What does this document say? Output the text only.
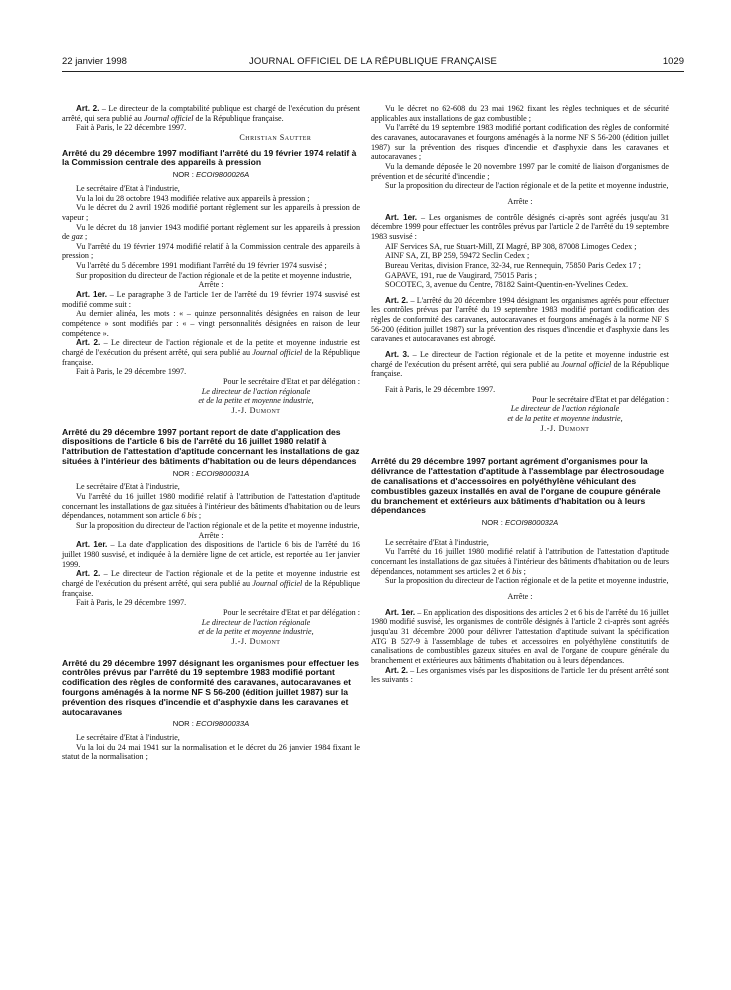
22 janvier 1998	JOURNAL OFFICIEL DE LA RÉPUBLIQUE FRANÇAISE	1029

Art. 2. – Le directeur de la comptabilité publique est chargé de l'exécution du présent arrêté, qui sera publié au Journal officiel de la République française.

Fait à Paris, le 22 décembre 1997.

Christian Sautter

Arrêté du 29 décembre 1997 modifiant l'arrêté du 19 février 1974 relatif à la Commission centrale des appareils à pression

NOR : ECOI9800026A

Le secrétaire d'Etat à l'industrie,

Vu la loi du 28 octobre 1943 modifiée relative aux appareils à pression ;

Vu le décret du 2 avril 1926 modifié portant règlement sur les appareils à pression de vapeur ;

Vu le décret du 18 janvier 1943 modifié portant règlement sur les appareils à pression de gaz ;

Vu l'arrêté du 19 février 1974 modifié relatif à la Commission centrale des appareils à pression ;

Vu l'arrêté du 5 décembre 1991 modifiant l'arrêté du 19 février 1974 susvisé ;

Sur proposition du directeur de l'action régionale et de la petite et moyenne industrie,

Arrête :

Art. 1er. – Le paragraphe 3 de l'article 1er de l'arrêté du 19 février 1974 susvisé est modifié comme suit :

Au dernier alinéa, les mots : « – quinze personnalités désignées en raison de leur compétence » sont modifiés par : « – vingt personnalités désignées en raison de leur compétence ».

Art. 2. – Le directeur de l'action régionale et de la petite et moyenne industrie est chargé de l'exécution du présent arrêté, qui sera publié au Journal officiel de la République française.

Fait à Paris, le 29 décembre 1997.

Pour le secrétaire d'Etat et par délégation :

Le directeur de l'action régionale

et de la petite et moyenne industrie,

J.-J. Dumont

Arrêté du 29 décembre 1997 portant report de date d'application des dispositions de l'article 6 bis de l'arrêté du 16 juillet 1980 relatif à l'attribution de l'attestation d'aptitude concernant les installations de gaz situées à l'intérieur des bâtiments d'habitation ou de leurs dépendances

NOR : ECOI9800031A

Le secrétaire d'Etat à l'industrie,

Vu l'arrêté du 16 juillet 1980 modifié relatif à l'attribution de l'attestation d'aptitude concernant les installations de gaz situées à l'intérieur des bâtiments d'habitation ou de leurs dépendances, notamment son article 6 bis ;

Sur la proposition du directeur de l'action régionale et de la petite et moyenne industrie,

Arrête :

Art. 1er. – La date d'application des dispositions de l'article 6 bis de l'arrêté du 16 juillet 1980 susvisé, et indiquée à la dernière ligne de cet article, est reportée au 1er janvier 1999.

Art. 2. – Le directeur de l'action régionale et de la petite et moyenne industrie est chargé de l'exécution du présent arrêté, qui sera publié au Journal officiel de la République française.

Fait à Paris, le 29 décembre 1997.

Pour le secrétaire d'Etat et par délégation :

Le directeur de l'action régionale

et de la petite et moyenne industrie,

J.-J. Dumont

Arrêté du 29 décembre 1997 désignant les organismes pour effectuer les contrôles prévus par l'arrêté du 19 septembre 1983 modifié portant codification des règles de conformité des caravanes, autocaravanes et fourgons aménagés à la norme NF S 56-200 (édition juillet 1987) sur la prévention des risques d'incendie et d'asphyxie dans les caravanes et autocaravanes

NOR : ECOI9800033A

Le secrétaire d'Etat à l'industrie,

Vu la loi du 24 mai 1941 sur la normalisation et le décret du 26 janvier 1984 fixant le statut de la normalisation ;

Vu le décret no 62-608 du 23 mai 1962 fixant les règles techniques et de sécurité applicables aux installations de gaz combustible ;

Vu l'arrêté du 19 septembre 1983 modifié portant codification des règles de conformité des caravanes, autocaravanes et fourgons aménagés à la norme NF S 56-200 (édition juillet 1987) sur la prévention des risques d'incendie et d'asphyxie dans les caravanes et autocaravanes ;

Vu la demande déposée le 20 novembre 1997 par le comité de liaison d'organismes de prévention et de sécurité d'incendie ;

Sur la proposition du directeur de l'action régionale et de la petite et moyenne industrie,

Arrête :

Art. 1er. – Les organismes de contrôle désignés ci-après sont agréés jusqu'au 31 décembre 1999 pour effectuer les contrôles prévus par l'article 2 de l'arrêté du 19 septembre 1983 susvisé :

AIF Services SA, rue Stuart-Mill, ZI Magré, BP 308, 87008 Limoges Cedex ;

AINF SA, ZI, BP 259, 59472 Seclin Cedex ;

Bureau Veritas, division France, 32-34, rue Rennequin, 75850 Paris Cedex 17 ;

GAPAVE, 191, rue de Vaugirard, 75015 Paris ;

SOCOTEC, 3, avenue du Centre, 78182 Saint-Quentin-en-Yvelines Cedex.

Art. 2. – L'arrêté du 20 décembre 1994 désignant les organismes agréés pour effectuer les contrôles prévus par l'arrêté du 19 septembre 1983 modifié portant codification des règles de conformité des caravanes, autocaravanes et fourgons aménagés à la norme NF S 56-200 (édition juillet 1987) sur la prévention des risques d'incendie et d'asphyxie dans les caravanes et autocaravanes est abrogé.

Art. 3. – Le directeur de l'action régionale et de la petite et moyenne industrie est chargé de l'exécution du présent arrêté, qui sera publié au Journal officiel de la République française.

Fait à Paris, le 29 décembre 1997.

Pour le secrétaire d'Etat et par délégation :

Le directeur de l'action régionale

et de la petite et moyenne industrie,

J.-J. Dumont

Arrêté du 29 décembre 1997 portant agrément d'organismes pour la délivrance de l'attestation d'aptitude à l'assemblage par électrosoudage de canalisations et d'accessoires en polyéthylène véhiculant des combustibles gazeux installés en aval de l'organe de coupure générale du branchement et extérieurs aux bâtiments d'habitation ou à leurs dépendances

NOR : ECOI9800032A

Le secrétaire d'Etat à l'industrie,

Vu l'arrêté du 16 juillet 1980 modifié relatif à l'attribution de l'attestation d'aptitude concernant les installations de gaz situées à l'intérieur des bâtiments d'habitation ou de leurs dépendances, notamment ses articles 2 et 6 bis ;

Sur la proposition du directeur de l'action régionale et de la petite et moyenne industrie,

Arrête :

Art. 1er. – En application des dispositions des articles 2 et 6 bis de l'arrêté du 16 juillet 1980 modifié susvisé, les organismes de contrôle désignés à l'article 2 ci-après sont agréés jusqu'au 31 décembre 2000 pour délivrer l'attestation d'aptitude suivant la spécification ATG B 527-9 à l'assemblage de tubes et accessoires en polyéthylène constitutifs de canalisations de combustibles gazeux situées en aval de l'organe de coupure générale du branchement et extérieures aux bâtiments d'habitation ou à leurs dépendances.

Art. 2. – Les organismes visés par les dispositions de l'article 1er du présent arrêté sont les suivants :
